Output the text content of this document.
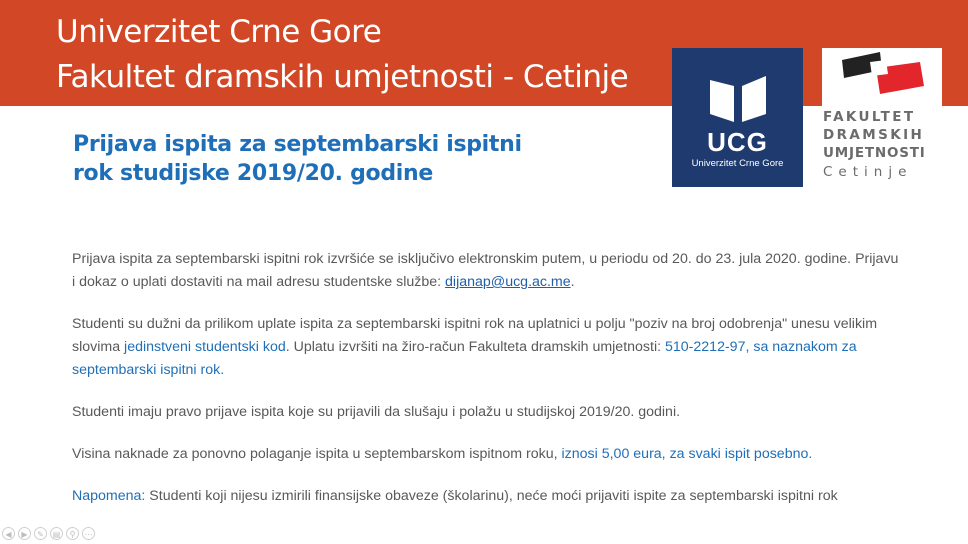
Univerzitet Crne Gore
Fakultet dramskih umjetnosti - Cetinje
UCG
Univerzitet Crne Gore
FAKULTET
DRAMSKIH
UMJETNOSTI
Cetinje
Prijava ispita za septembarski ispitni
rok studijske 2019/20. godine

Prijava ispita za septembarski ispitni rok izvršiće se isključivo elektronskim putem, u periodu od 20. do 23. jula 2020. godine. Prijavu i dokaz o uplati dostaviti na mail adresu studentske službe: dijanap@ucg.ac.me.

Studenti su dužni da prilikom uplate ispita za septembarski ispitni rok na uplatnici u polju "poziv na broj odobrenja" unesu velikim slovima jedinstveni studentski kod. Uplatu izvršiti na žiro-račun Fakulteta dramskih umjetnosti: 510-2212-97, sa naznakom za septembarski ispitni rok.

Studenti imaju pravo prijave ispita koje su prijavili da slušaju i polažu u studijskoj 2019/20. godini.

Visina naknade za ponovno polaganje ispita u septembarskom ispitnom roku, iznosi 5,00 eura, za svaki ispit posebno.

Napomena: Studenti koji nijesu izmirili finansijske obaveze (školarinu), neće moći prijaviti ispite za septembarski ispitni rok

◀	▶	✎	▤	⚲	⋯
